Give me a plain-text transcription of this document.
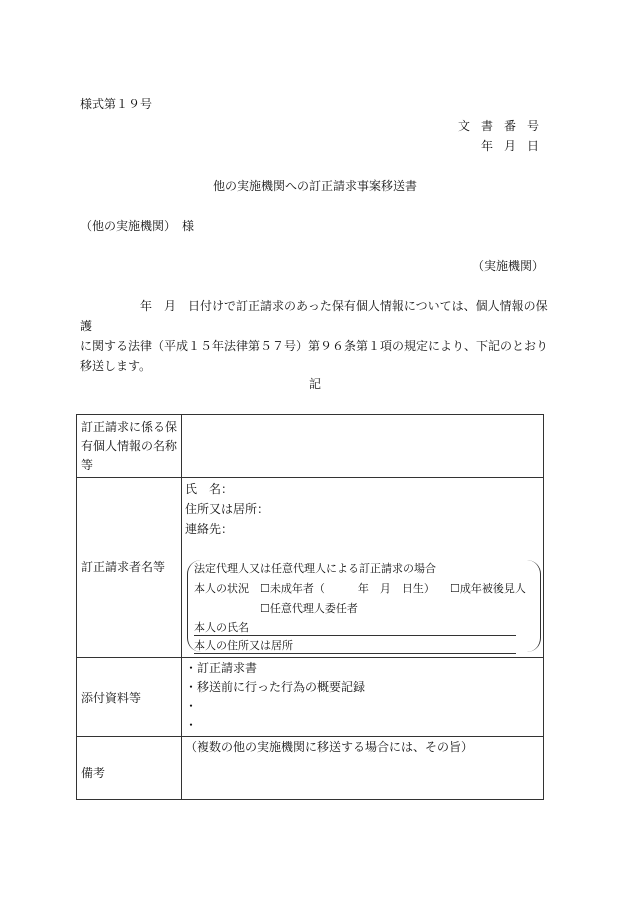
様式第１９号
文書番号
年月日
他の実施機関への訂正請求事案移送書
（他の実施機関）　様
（実施機関）

　　　　　年　月　日付けで訂正請求のあった保有個人情報については、個人情報の保護

に関する法律（平成１５年法律第５７号）第９６条第１項の規定により、下記のとおり

移送します。

記
訂正請求に係る保有個人情報の名称等
訂正請求者名等
氏　名：
住所又は居所：
連絡先：
法定代理人又は任意代理人による訂正請求の場合
本人の状況 ☐未成年者（　　　年　月　日生） ☐成年被後見人
☐任意代理人委任者
本人の氏名
本人の住所又は居所
添付資料等
・訂正請求書
・移送前に行った行為の概要記録
・
・
備考
（複数の他の実施機関に移送する場合には、その旨）
